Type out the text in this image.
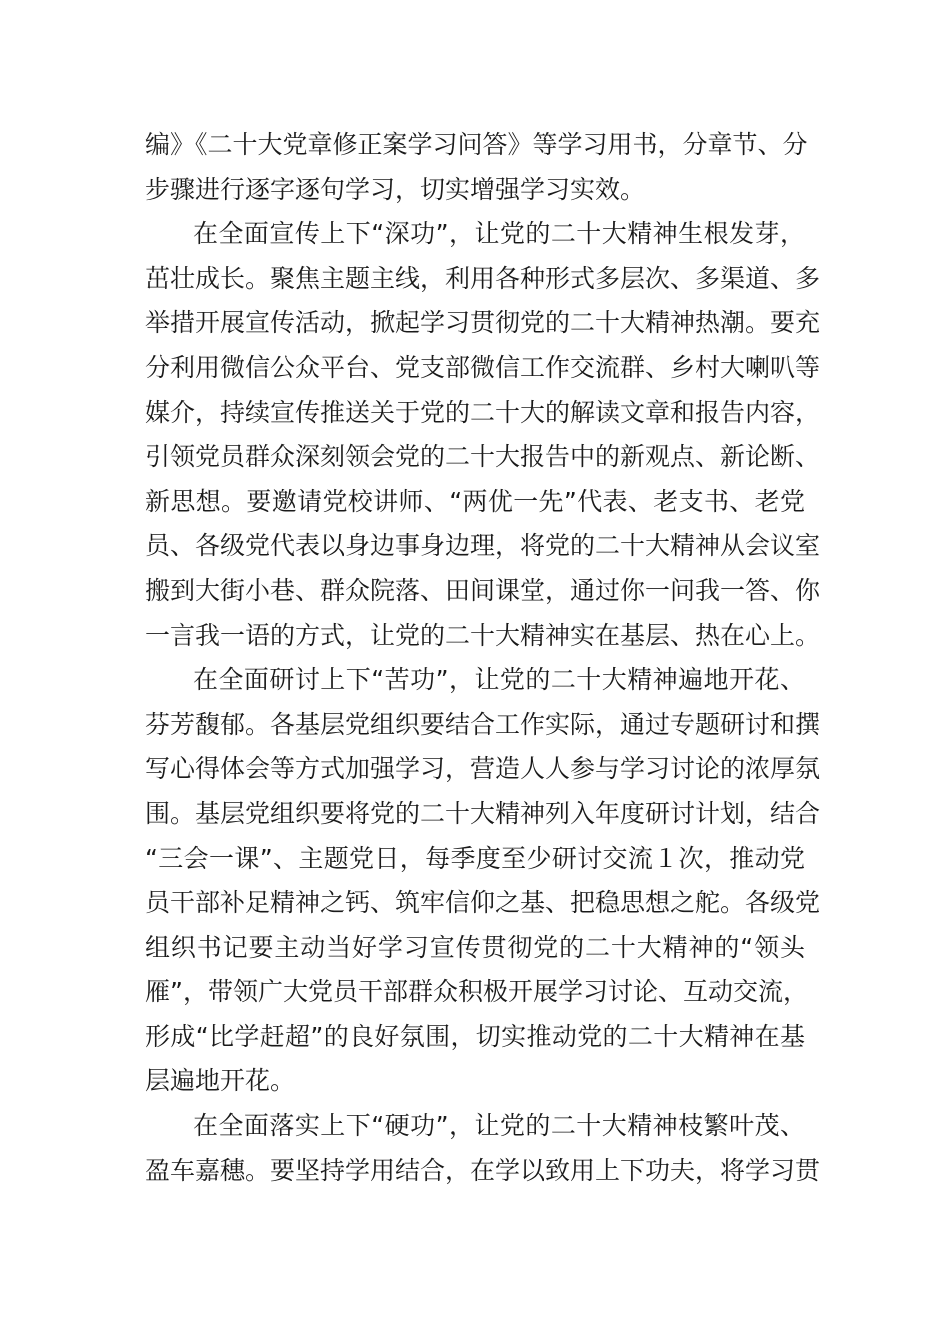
编》《二十大党章修正案学习问答》等学习用书，分章节、分
步骤进行逐字逐句学习，切实增强学习实效。
在全面宣传上下“深功”，让党的二十大精神生根发芽，
茁壮成长。聚焦主题主线，利用各种形式多层次、多渠道、多
举措开展宣传活动，掀起学习贯彻党的二十大精神热潮。要充
分利用微信公众平台、党支部微信工作交流群、乡村大喇叭等
媒介，持续宣传推送关于党的二十大的解读文章和报告内容，
引领党员群众深刻领会党的二十大报告中的新观点、新论断、
新思想。要邀请党校讲师、“两优一先”代表、老支书、老党
员、各级党代表以身边事身边理，将党的二十大精神从会议室
搬到大街小巷、群众院落、田间课堂，通过你一问我一答、你
一言我一语的方式，让党的二十大精神实在基层、热在心上。
在全面研讨上下“苦功”，让党的二十大精神遍地开花、
芬芳馥郁。各基层党组织要结合工作实际，通过专题研讨和撰
写心得体会等方式加强学习，营造人人参与学习讨论的浓厚氛
围。基层党组织要将党的二十大精神列入年度研讨计划，结合
“三会一课”、主题党日，每季度至少研讨交流１次，推动党
员干部补足精神之钙、筑牢信仰之基、把稳思想之舵。各级党
组织书记要主动当好学习宣传贯彻党的二十大精神的“领头
雁”，带领广大党员干部群众积极开展学习讨论、互动交流，
形成“比学赶超”的良好氛围，切实推动党的二十大精神在基
层遍地开花。
在全面落实上下“硬功”，让党的二十大精神枝繁叶茂、
盈车嘉穗。要坚持学用结合，在学以致用上下功夫，将学习贯
